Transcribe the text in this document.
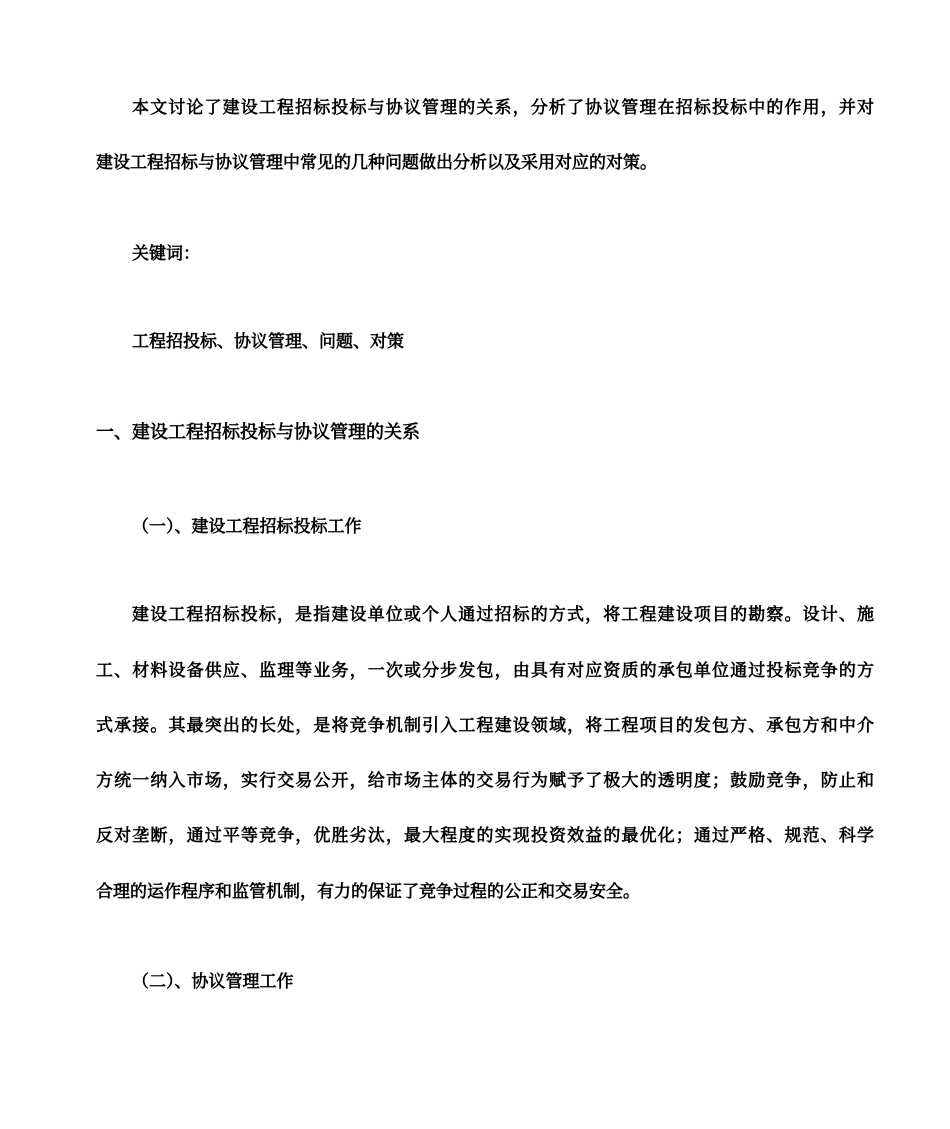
本文讨论了建设工程招标投标与协议管理的关系，分析了协议管理在招标投标中的作用，并对

建设工程招标与协议管理中常见的几种问题做出分析以及采用对应的对策。

关键词：

工程招投标、协议管理、问题、对策

一、建设工程招标投标与协议管理的关系

（一）、建设工程招标投标工作

建设工程招标投标，是指建设单位或个人通过招标的方式，将工程建设项目的勘察。设计、施

工、材料设备供应、监理等业务，一次或分步发包，由具有对应资质的承包单位通过投标竞争的方

式承接。其最突出的长处，是将竞争机制引入工程建设领域，将工程项目的发包方、承包方和中介

方统一纳入市场，实行交易公开，给市场主体的交易行为赋予了极大的透明度；鼓励竞争，防止和

反对垄断，通过平等竞争，优胜劣汰，最大程度的实现投资效益的最优化；通过严格、规范、科学

合理的运作程序和监管机制，有力的保证了竞争过程的公正和交易安全。

（二）、协议管理工作
